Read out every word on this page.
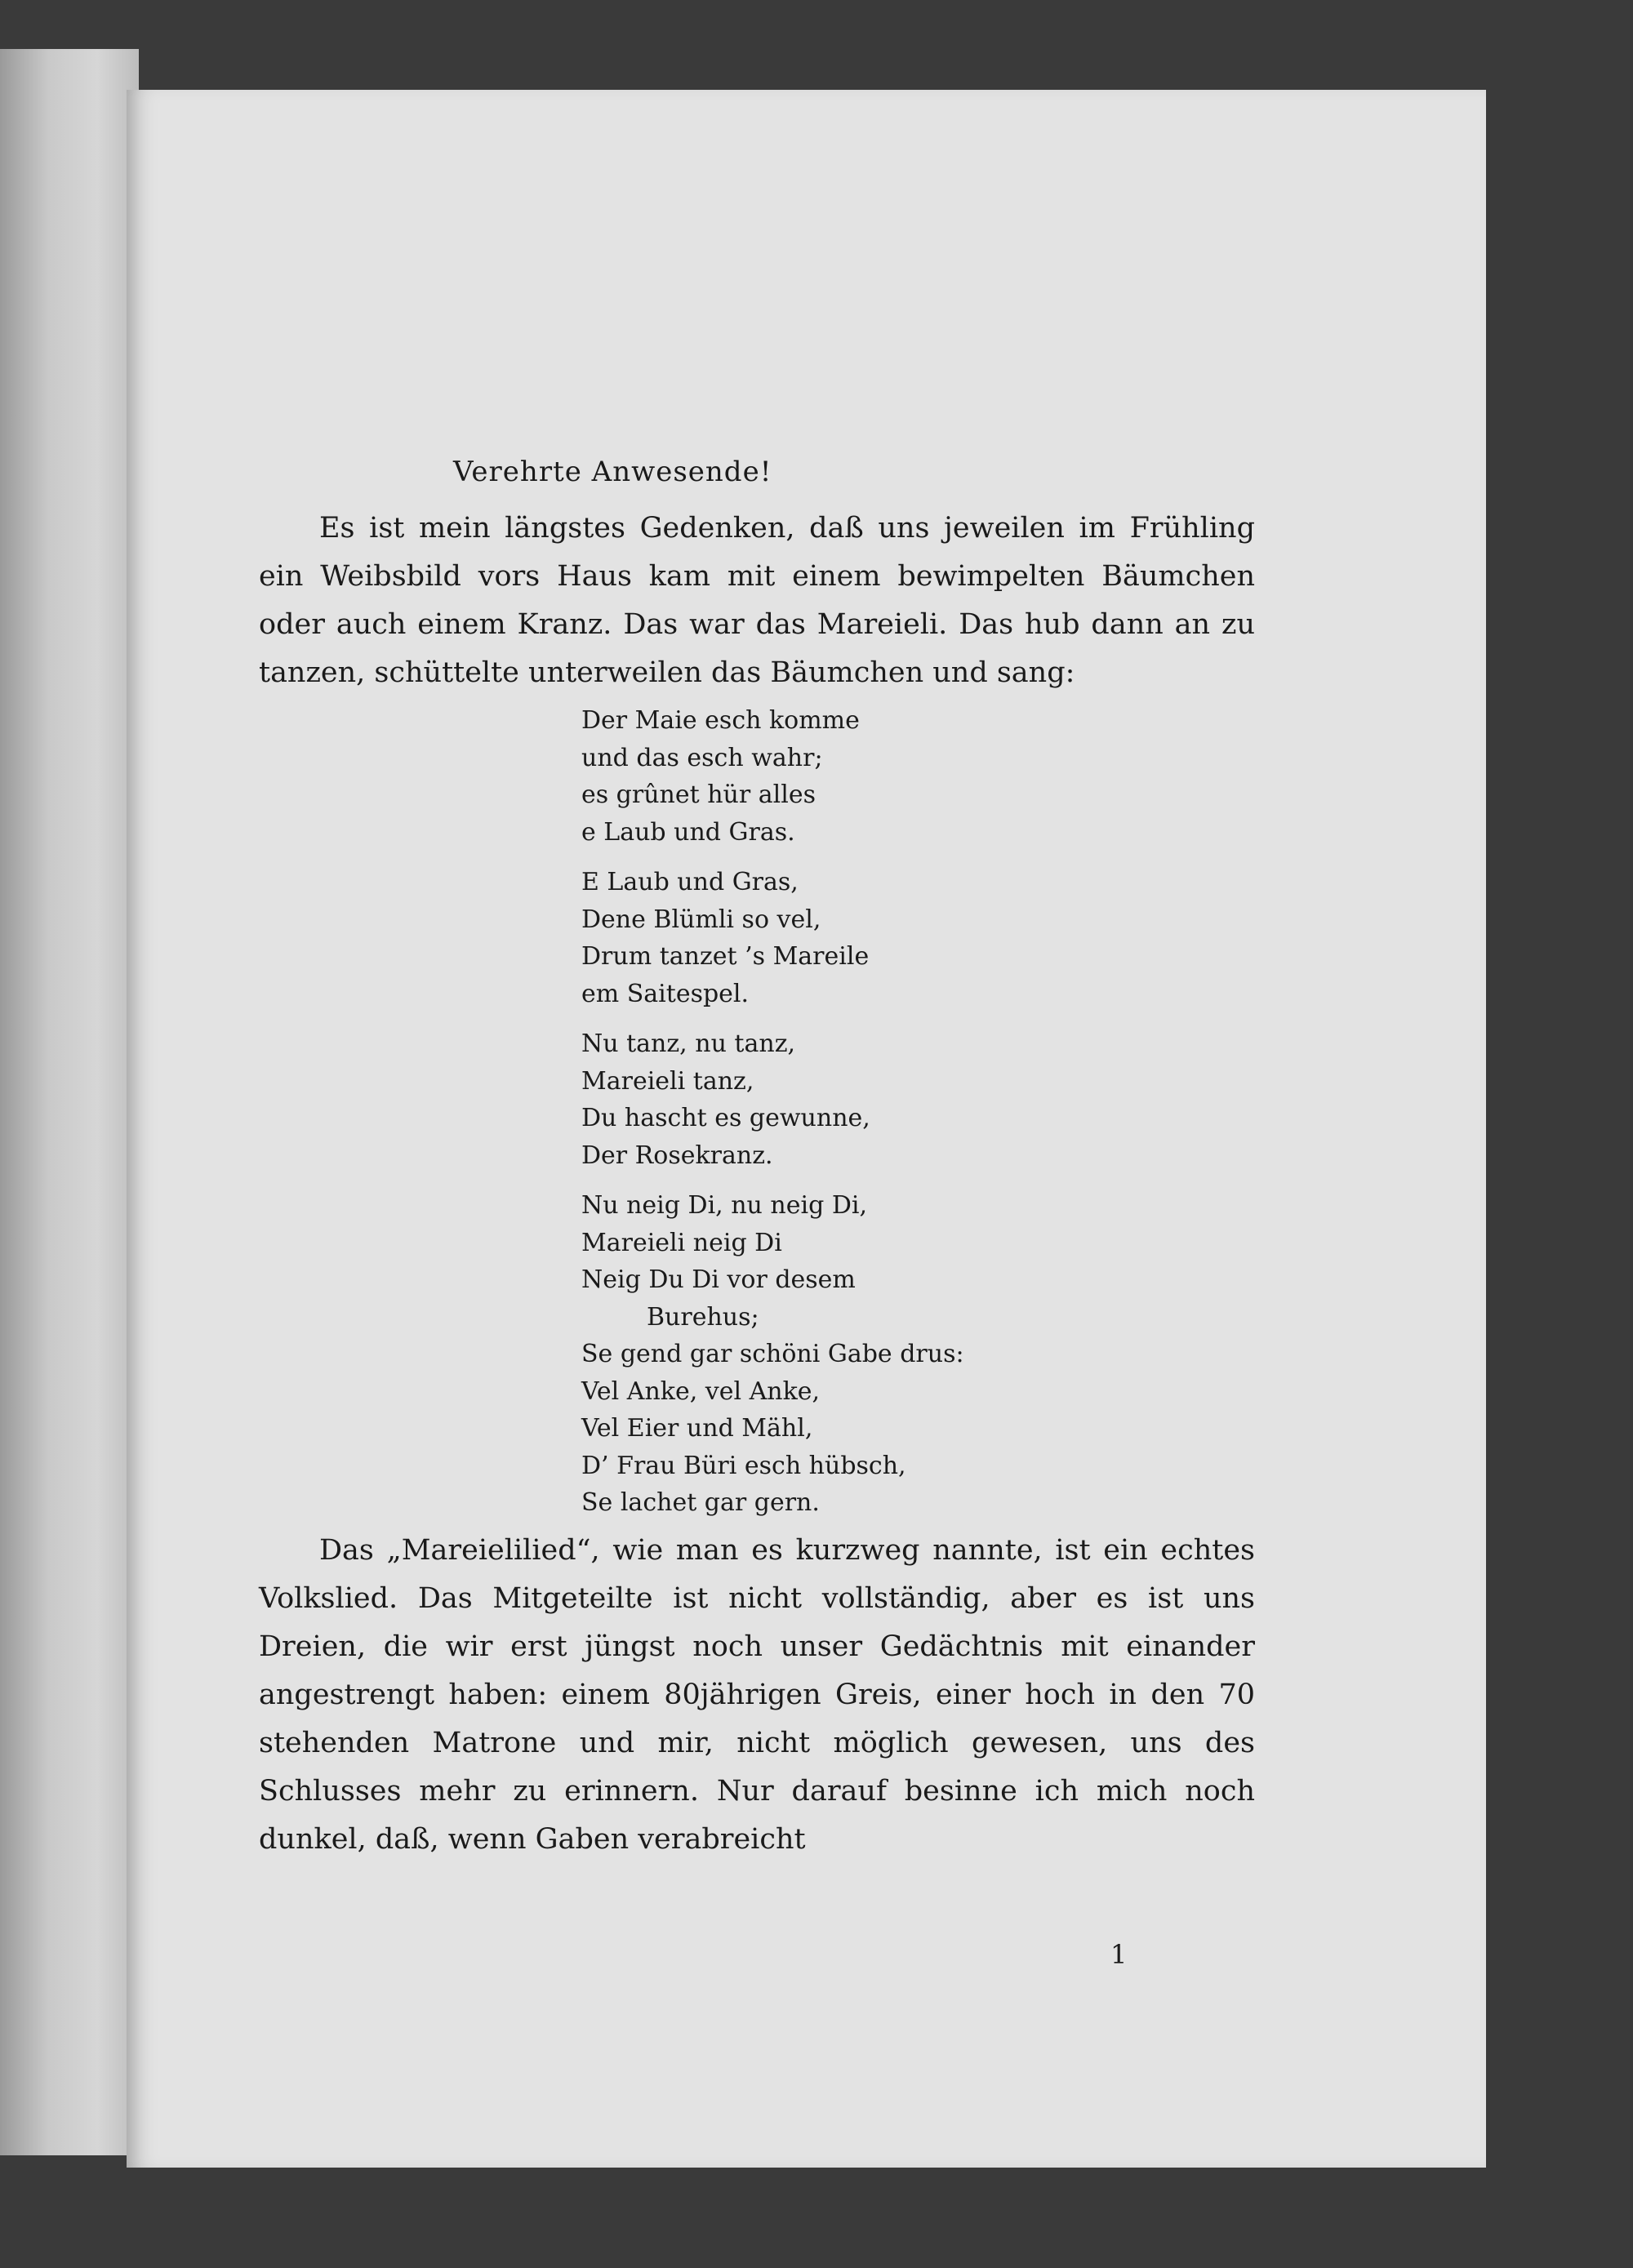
Verehrte Anwesende!

Es ist mein längstes Gedenken, daß uns jeweilen im Frühling ein Weibsbild vors Haus kam mit einem bewimpelten Bäumchen oder auch einem Kranz. Das war das Mareieli. Das hub dann an zu tanzen, schüttelte unterweilen das Bäumchen und sang:

Der Maie esch komme
und das esch wahr;
es grûnet hür alles
e Laub und Gras.
E Laub und Gras,
Dene Blümli so vel,
Drum tanzet ’s Mareile
em Saitespel.
Nu tanz, nu tanz,
Mareieli tanz,
Du hascht es gewunne,
Der Rosekranz.
Nu neig Di, nu neig Di,
Mareieli neig Di
Neig Du Di vor desem
Burehus;
Se gend gar schöni Gabe drus:
Vel Anke, vel Anke,
Vel Eier und Mähl,
D’ Frau Büri esch hübsch,
Se lachet gar gern.

Das „Mareielilied“, wie man es kurzweg nannte, ist ein echtes Volkslied. Das Mitgeteilte ist nicht vollständig, aber es ist uns Dreien, die wir erst jüngst noch unser Gedächtnis mit einander angestrengt haben: einem 80jährigen Greis, einer hoch in den 70 stehenden Matrone und mir, nicht möglich gewesen, uns des Schlusses mehr zu erinnern. Nur darauf besinne ich mich noch dunkel, daß, wenn Gaben verabreicht

1
